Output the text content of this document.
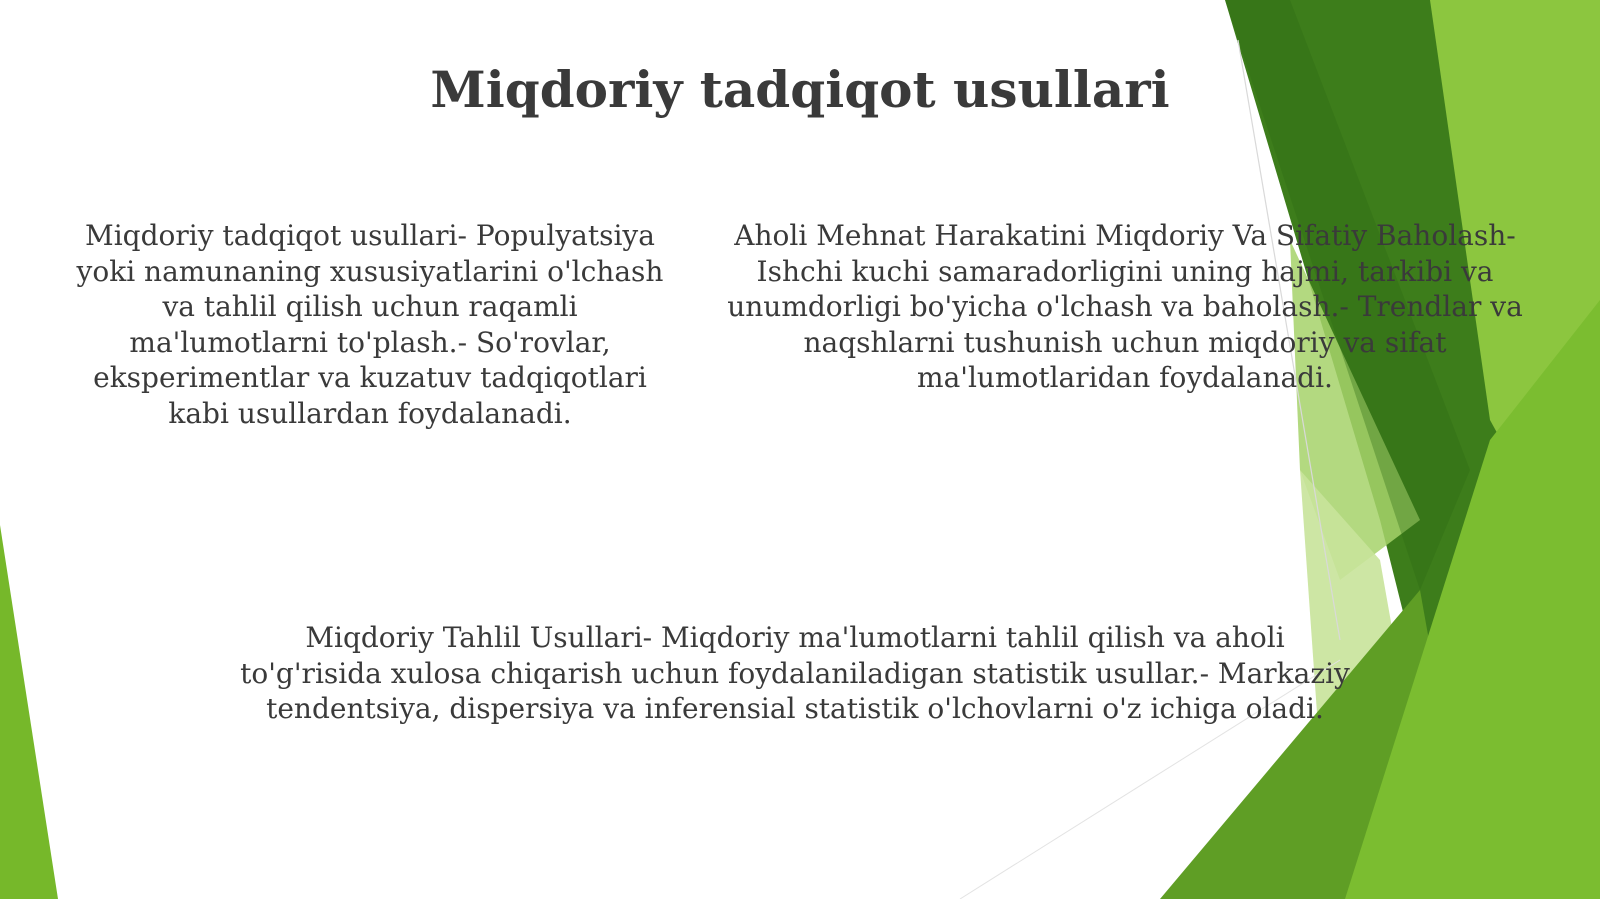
Miqdoriy tadqiqot usullari
Miqdoriy tadqiqot usullari- Populyatsiya
yoki namunaning xususiyatlarini o'lchash
va tahlil qilish uchun raqamli
ma'lumotlarni to'plash.- So'rovlar,
eksperimentlar va kuzatuv tadqiqotlari
kabi usullardan foydalanadi.
Aholi Mehnat Harakatini Miqdoriy Va Sifatiy Baholash-
Ishchi kuchi samaradorligini uning hajmi, tarkibi va
unumdorligi bo'yicha o'lchash va baholash.- Trendlar va
naqshlarni tushunish uchun miqdoriy va sifat
ma'lumotlaridan foydalanadi.
Miqdoriy Tahlil Usullari- Miqdoriy ma'lumotlarni tahlil qilish va aholi
to'g'risida xulosa chiqarish uchun foydalaniladigan statistik usullar.- Markaziy
tendentsiya, dispersiya va inferensial statistik o'lchovlarni o'z ichiga oladi.
